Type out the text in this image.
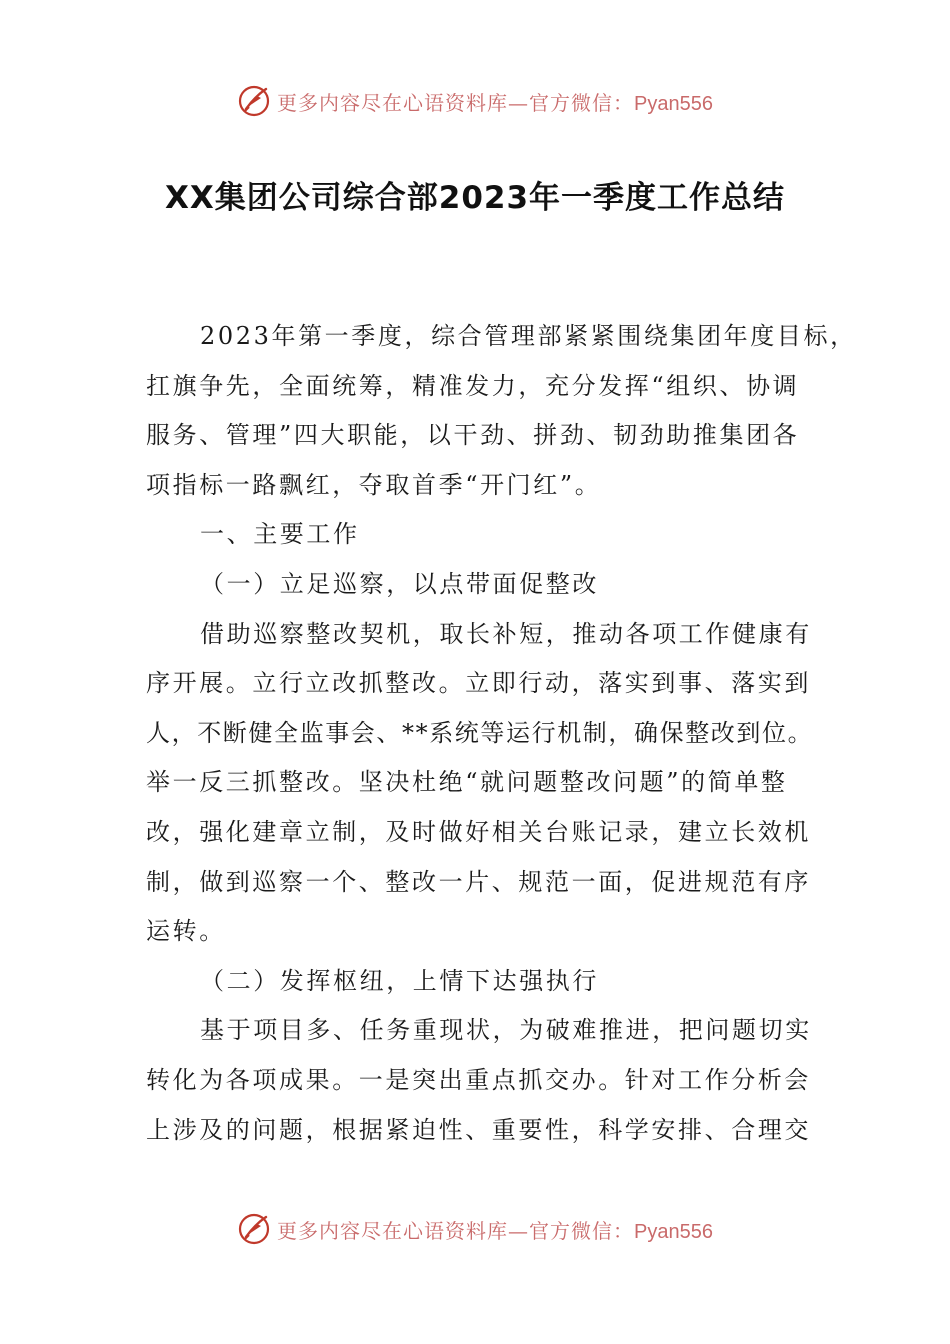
更多内容尽在心语资料库—官方微信：Pyan556
XX集团公司综合部2023年一季度工作总结
2023年第一季度，综合管理部紧紧围绕集团年度目标，
扛旗争先，全面统筹，精准发力，充分发挥“组织、协调
服务、管理”四大职能，以干劲、拼劲、韧劲助推集团各
项指标一路飘红，夺取首季“开门红”。
一、主要工作
（一）立足巡察，以点带面促整改
借助巡察整改契机，取长补短，推动各项工作健康有
序开展。立行立改抓整改。立即行动，落实到事、落实到
人，不断健全监事会、**系统等运行机制，确保整改到位。
举一反三抓整改。坚决杜绝“就问题整改问题”的简单整
改，强化建章立制，及时做好相关台账记录，建立长效机
制，做到巡察一个、整改一片、规范一面，促进规范有序
运转。
（二）发挥枢纽，上情下达强执行
基于项目多、任务重现状，为破难推进，把问题切实
转化为各项成果。一是突出重点抓交办。针对工作分析会
上涉及的问题，根据紧迫性、重要性，科学安排、合理交
更多内容尽在心语资料库—官方微信：Pyan556
